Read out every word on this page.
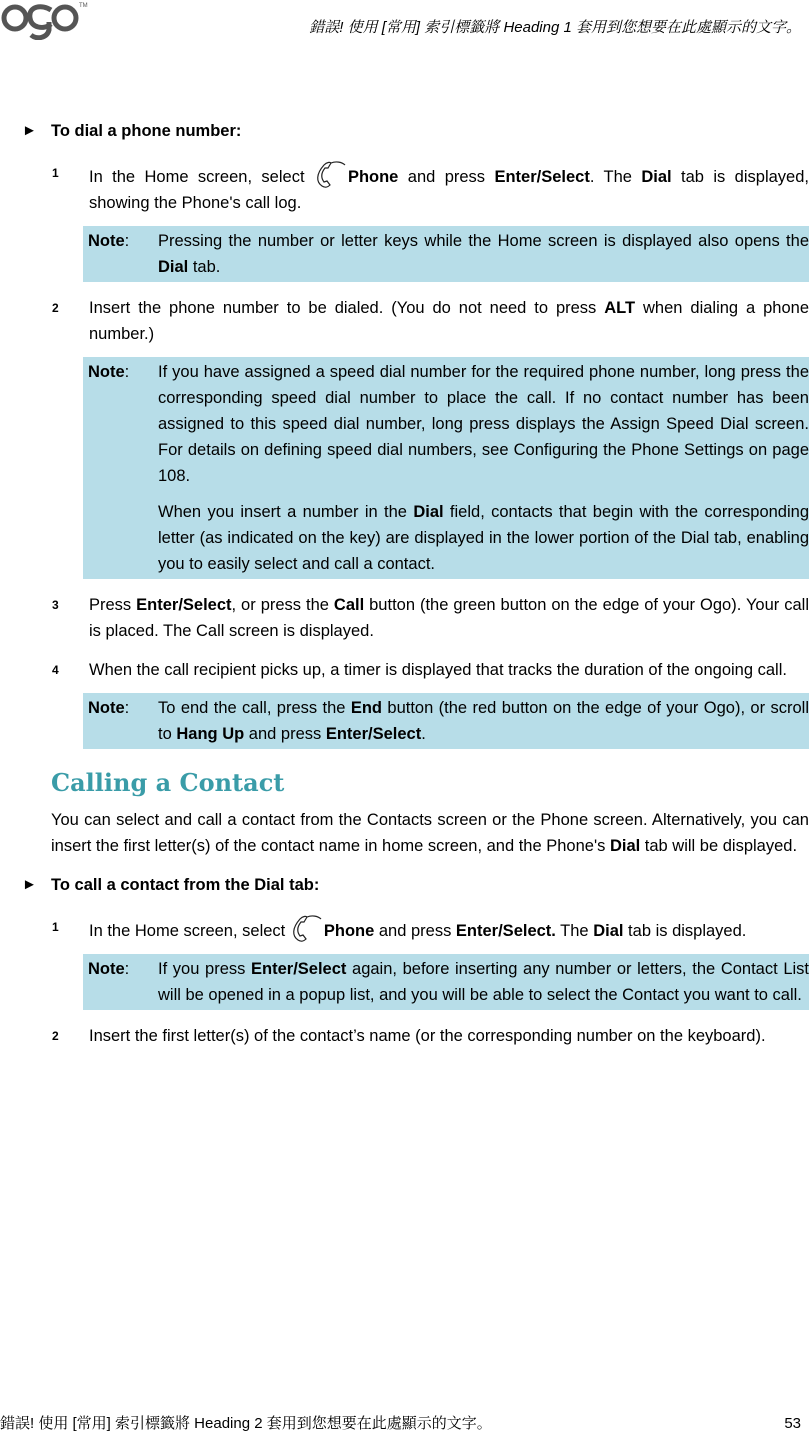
TM
錯誤! 使用 [常用] 索引標籤將 Heading 1 套用到您想要在此處顯示的文字。
► To dial a phone number:
1 In the Home screen, select Phone and press Enter/Select. The Dial tab is displayed, showing the Phone's call log.
Note: Pressing the number or letter keys while the Home screen is displayed also opens the Dial tab.

2 Insert the phone number to be dialed. (You do not need to press ALT when dialing a phone number.)
Note: If you have assigned a speed dial number for the required phone number, long press the corresponding speed dial number to place the call. If no contact number has been assigned to this speed dial number, long press displays the Assign Speed Dial screen. For details on defining speed dial numbers, see Configuring the Phone Settings on page 108.

When you insert a number in the Dial field, contacts that begin with the corresponding letter (as indicated on the key) are displayed in the lower portion of the Dial tab, enabling you to easily select and call a contact.

3 Press Enter/Select, or press the Call button (the green button on the edge of your Ogo). Your call is placed. The Call screen is displayed.
4 When the call recipient picks up, a timer is displayed that tracks the duration of the ongoing call.
Note: To end the call, press the End button (the red button on the edge of your Ogo), or scroll to Hang Up and press Enter/Select.

Calling a Contact
You can select and call a contact from the Contacts screen or the Phone screen. Alternatively, you can insert the first letter(s) of the contact name in home screen, and the Phone's Dial tab will be displayed.
► To call a contact from the Dial tab:
1 In the Home screen, select Phone and press Enter/Select. The Dial tab is displayed.
Note: If you press Enter/Select again, before inserting any number or letters, the Contact List will be opened in a popup list, and you will be able to select the Contact you want to call.

2 Insert the first letter(s) of the contact’s name (or the corresponding number on the keyboard).
錯誤! 使用 [常用] 索引標籤將 Heading 2 套用到您想要在此處顯示的文字。	53
